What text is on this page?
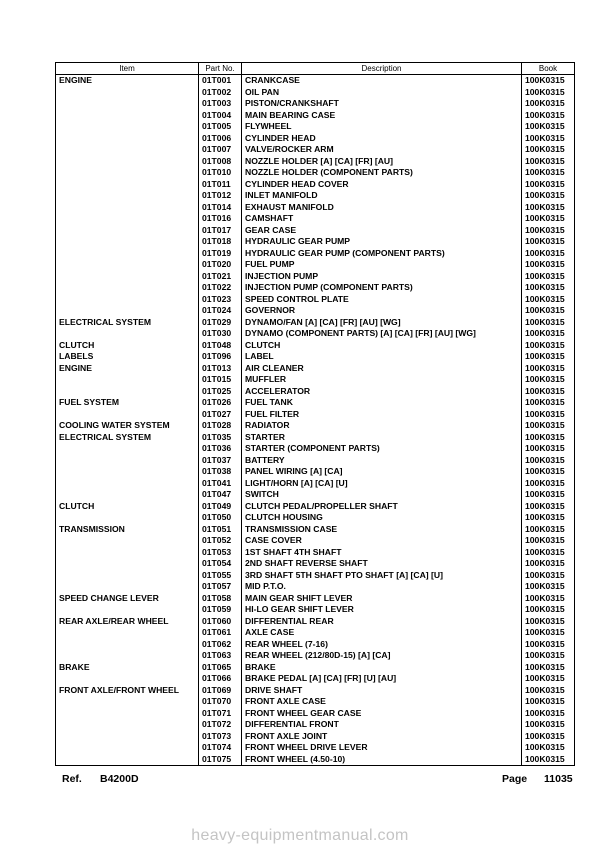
Item	Part No.	Description	Book
ENGINE	01T001	CRANKCASE	100K0315
	01T002	OIL PAN	100K0315
	01T003	PISTON/CRANKSHAFT	100K0315
	01T004	MAIN BEARING CASE	100K0315
	01T005	FLYWHEEL	100K0315
	01T006	CYLINDER HEAD	100K0315
	01T007	VALVE/ROCKER ARM	100K0315
	01T008	NOZZLE HOLDER [A] [CA] [FR] [AU]	100K0315
	01T010	NOZZLE HOLDER (COMPONENT PARTS)	100K0315
	01T011	CYLINDER HEAD COVER	100K0315
	01T012	INLET MANIFOLD	100K0315
	01T014	EXHAUST MANIFOLD	100K0315
	01T016	CAMSHAFT	100K0315
	01T017	GEAR CASE	100K0315
	01T018	HYDRAULIC GEAR PUMP	100K0315
	01T019	HYDRAULIC GEAR PUMP (COMPONENT PARTS)	100K0315
	01T020	FUEL PUMP	100K0315
	01T021	INJECTION PUMP	100K0315
	01T022	INJECTION PUMP (COMPONENT PARTS)	100K0315
	01T023	SPEED CONTROL PLATE	100K0315
	01T024	GOVERNOR	100K0315
ELECTRICAL SYSTEM	01T029	DYNAMO/FAN [A] [CA] [FR] [AU] [WG]	100K0315
	01T030	DYNAMO (COMPONENT PARTS) [A] [CA] [FR] [AU] [WG]	100K0315
CLUTCH	01T048	CLUTCH	100K0315
LABELS	01T096	LABEL	100K0315
ENGINE	01T013	AIR CLEANER	100K0315
	01T015	MUFFLER	100K0315
	01T025	ACCELERATOR	100K0315
FUEL SYSTEM	01T026	FUEL TANK	100K0315
	01T027	FUEL FILTER	100K0315
COOLING WATER SYSTEM	01T028	RADIATOR	100K0315
ELECTRICAL SYSTEM	01T035	STARTER	100K0315
	01T036	STARTER (COMPONENT PARTS)	100K0315
	01T037	BATTERY	100K0315
	01T038	PANEL WIRING [A] [CA]	100K0315
	01T041	LIGHT/HORN [A] [CA] [U]	100K0315
	01T047	SWITCH	100K0315
CLUTCH	01T049	CLUTCH PEDAL/PROPELLER SHAFT	100K0315
	01T050	CLUTCH HOUSING	100K0315
TRANSMISSION	01T051	TRANSMISSION CASE	100K0315
	01T052	CASE COVER	100K0315
	01T053	1ST SHAFT 4TH SHAFT	100K0315
	01T054	2ND SHAFT REVERSE SHAFT	100K0315
	01T055	3RD SHAFT 5TH SHAFT PTO SHAFT [A] [CA] [U]	100K0315
	01T057	MID P.T.O.	100K0315
SPEED CHANGE LEVER	01T058	MAIN GEAR SHIFT LEVER	100K0315
	01T059	HI-LO GEAR SHIFT LEVER	100K0315
REAR AXLE/REAR WHEEL	01T060	DIFFERENTIAL REAR	100K0315
	01T061	AXLE CASE	100K0315
	01T062	REAR WHEEL (7-16)	100K0315
	01T063	REAR WHEEL (212/80D-15) [A] [CA]	100K0315
BRAKE	01T065	BRAKE	100K0315
	01T066	BRAKE PEDAL [A] [CA] [FR] [U] [AU]	100K0315
FRONT AXLE/FRONT WHEEL	01T069	DRIVE SHAFT	100K0315
	01T070	FRONT AXLE CASE	100K0315
	01T071	FRONT WHEEL GEAR CASE	100K0315
	01T072	DIFFERENTIAL FRONT	100K0315
	01T073	FRONT AXLE JOINT	100K0315
	01T074	FRONT WHEEL DRIVE LEVER	100K0315
	01T075	FRONT WHEEL (4.50-10)	100K0315
Ref. B4200D	Page 11035
heavy-equipmentmanual.com
